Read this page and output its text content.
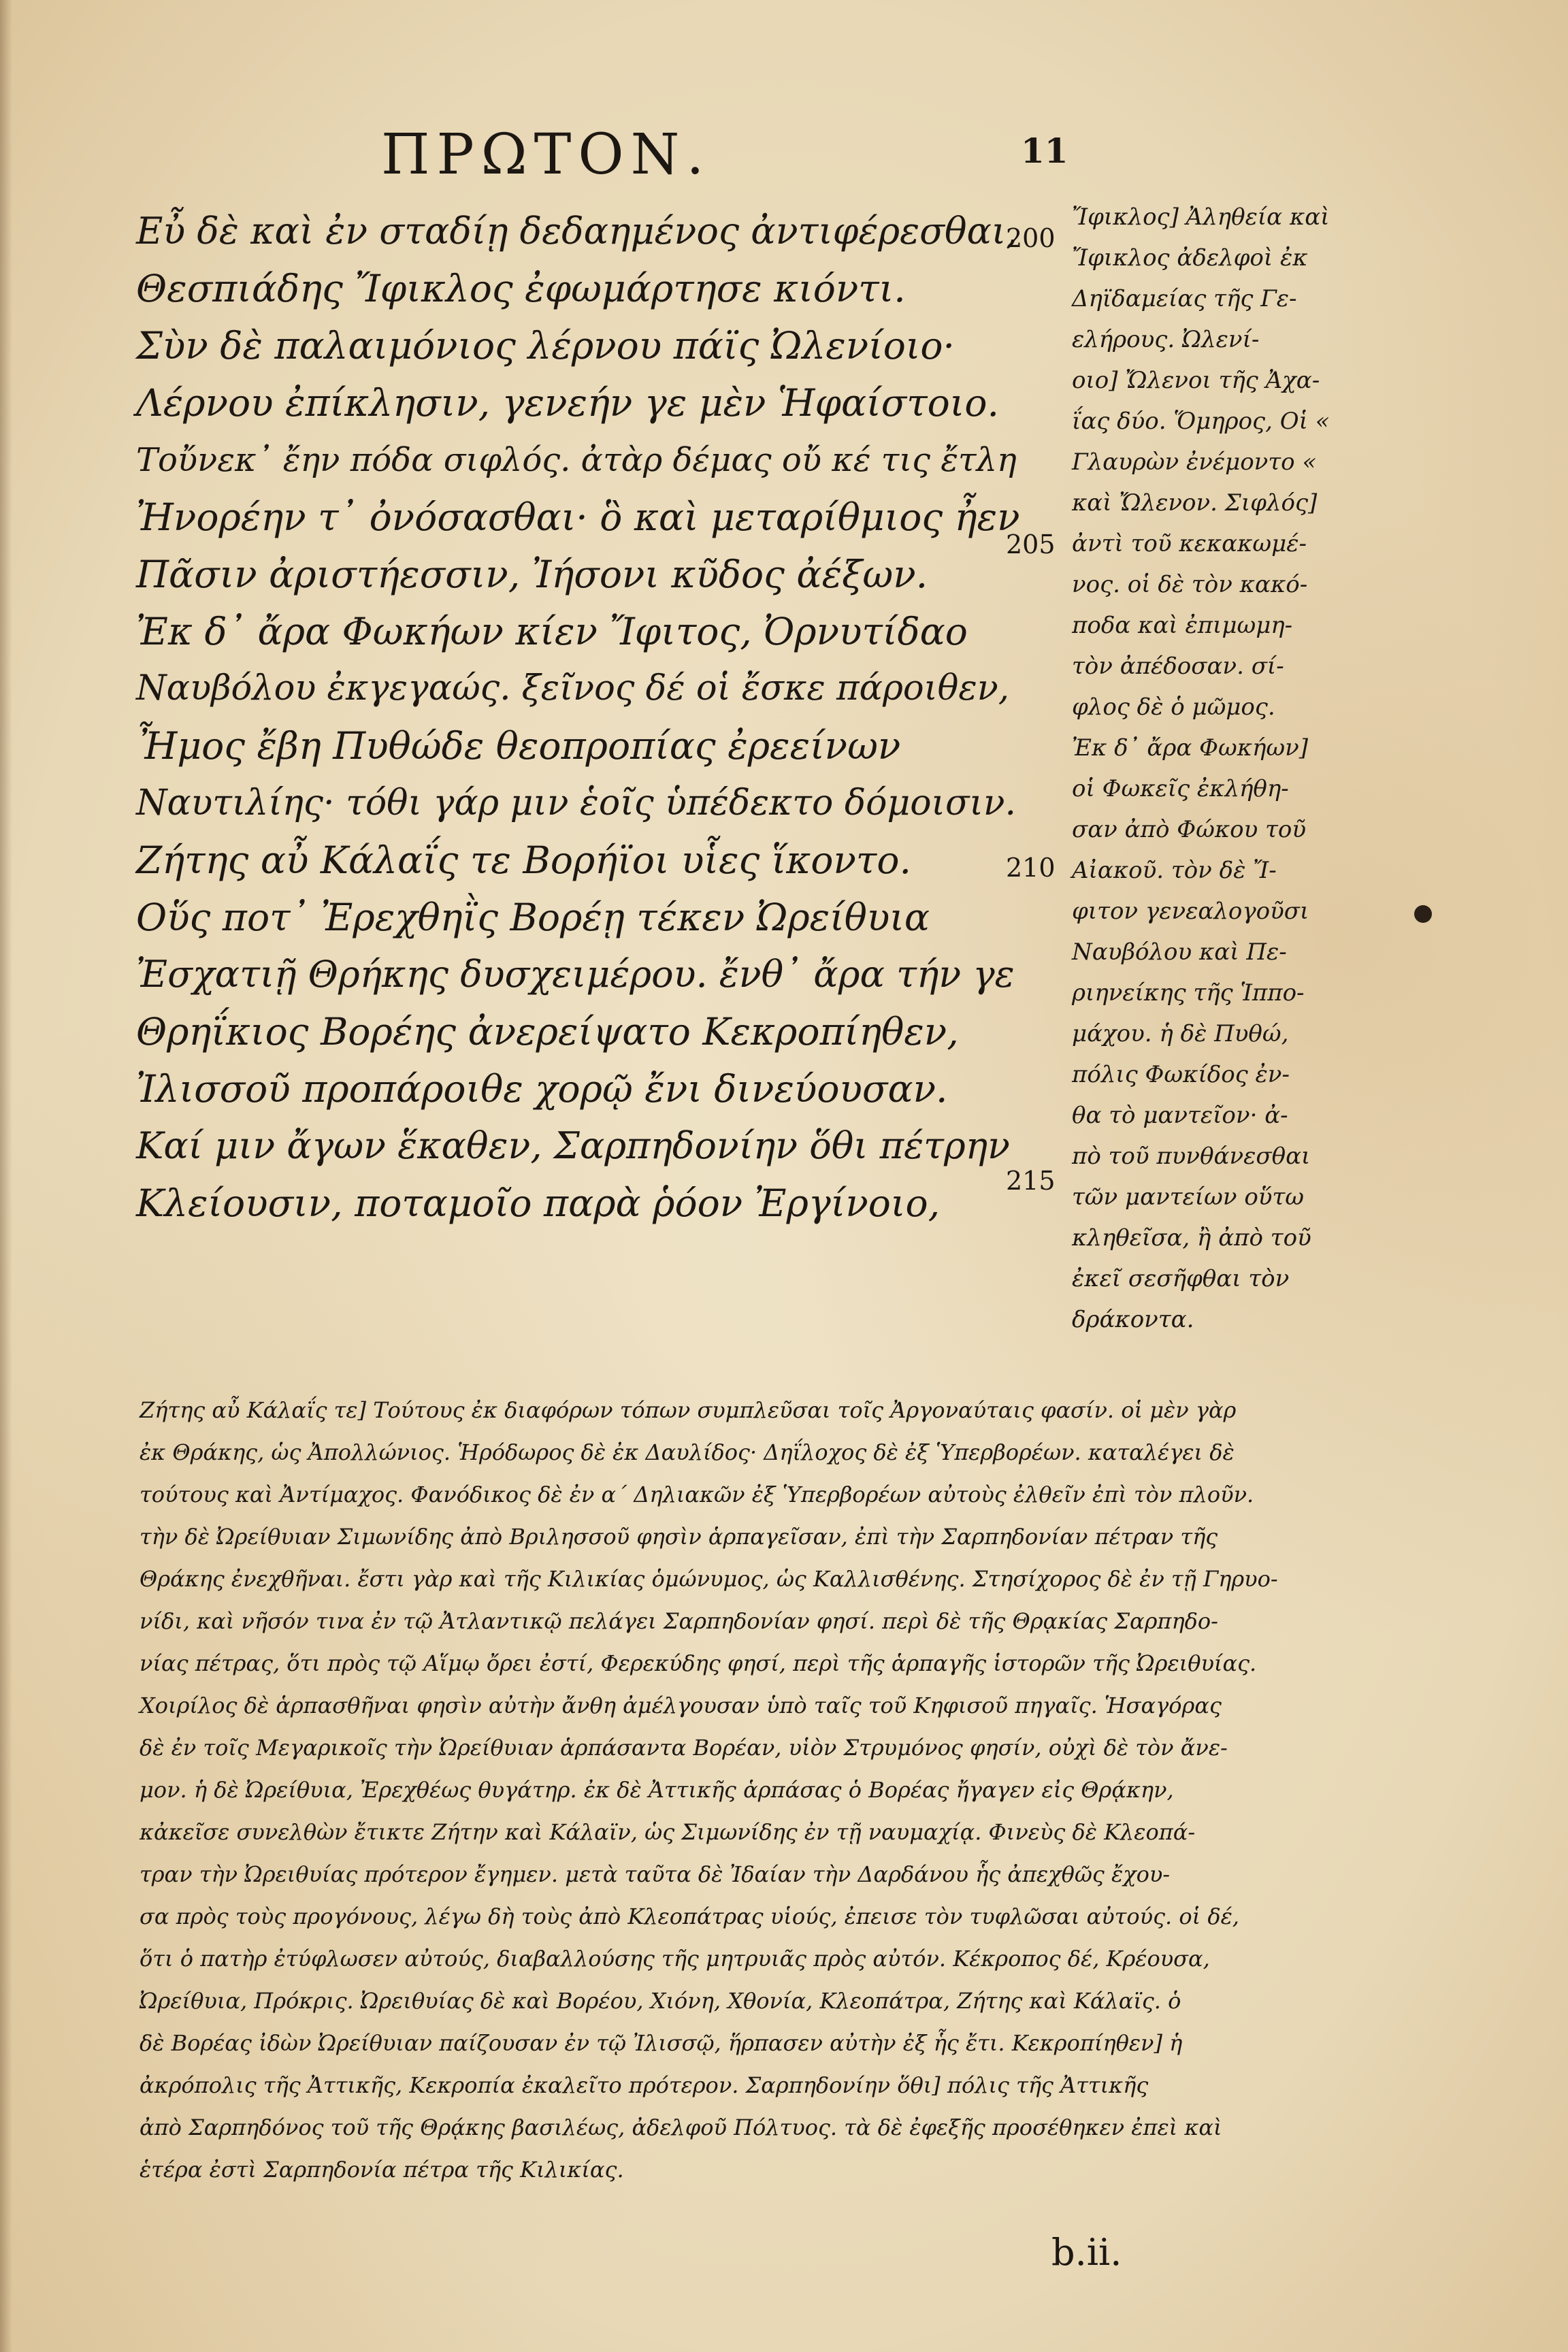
ΠΡΩΤΟΝ.	11
Εὖ δὲ καὶ ἐν σταδίῃ δεδαημένος ἀντιφέρεσθαι,
Θεσπιάδης Ἴφικλος ἐφωμάρτησε κιόντι.
Σὺν δὲ παλαιμόνιος λέρνου πάϊς Ὠλενίοιο·
Λέρνου ἐπίκλησιν, γενεήν γε μὲν Ἡφαίστοιο.
Τοὔνεκ᾽ ἔην πόδα σιφλός. ἀτὰρ δέμας οὔ κέ τις ἔτλη
Ἠνορέην τ᾽ ὀνόσασθαι· ὃ καὶ μεταρίθμιος ἦεν
Πᾶσιν ἀριστήεσσιν, Ἰήσονι κῦδος ἀέξων.
Ἐκ δ᾽ ἄρα Φωκήων κίεν Ἴφιτος, Ὀρνυτίδαο
Ναυβόλου ἐκγεγαώς. ξεῖνος δέ οἱ ἔσκε πάροιθεν,
Ἦμος ἔβη Πυθώδε θεοπροπίας ἐρεείνων
Ναυτιλίης· τόθι γάρ μιν ἑοῖς ὑπέδεκτο δόμοισιν.
Ζήτης αὖ Κάλαΐς τε Βορήϊοι υἷες ἵκοντο.
Οὕς ποτ᾽ Ἐρεχθηῒς Βορέῃ τέκεν Ὠρείθυια
Ἐσχατιῇ Θρήκης δυσχειμέρου. ἔνθ᾽ ἄρα τήν γε
Θρηΐκιος Βορέης ἀνερείψατο Κεκροπίηθεν,
Ἰλισσοῦ προπάροιθε χορῷ ἔνι δινεύουσαν.
Καί μιν ἄγων ἕκαθεν, Σαρπηδονίην ὅθι πέτρην
Κλείουσιν, ποταμοῖο παρὰ ῥόον Ἐργίνοιο,
200
205
210
215
Ἴφικλος] Ἀληθεία καὶ
Ἴφικλος ἀδελφοὶ ἐκ
Δηϊδαμείας τῆς Γε-
ελήρους. Ὠλενί-
οιο] Ὤλενοι τῆς Ἀχα-
ΐας δύο. Ὅμηρος, Οἱ «
Γλαυρὼν ἐνέμοντο «
καὶ Ὤλενον. Σιφλός]
ἀντὶ τοῦ κεκακωμέ-
νος. οἱ δὲ τὸν κακό-
ποδα καὶ ἐπιμωμη-
τὸν ἀπέδοσαν. σί-
φλος δὲ ὁ μῶμος.
Ἐκ δ᾽ ἄρα Φωκήων]
οἱ Φωκεῖς ἐκλήθη-
σαν ἀπὸ Φώκου τοῦ
Αἰακοῦ. τὸν δὲ Ἴ-
φιτον γενεαλογοῦσι
Ναυβόλου καὶ Πε-
ριηνείκης τῆς Ἱππο-
μάχου. ἡ δὲ Πυθώ,
πόλις Φωκίδος ἐν-
θα τὸ μαντεῖον· ἀ-
πὸ τοῦ πυνθάνεσθαι
τῶν μαντείων οὕτω
κληθεῖσα, ἢ ἀπὸ τοῦ
ἐκεῖ σεσῆφθαι τὸν
δράκοντα.
Ζήτης αὖ Κάλαΐς τε] Τούτους ἐκ διαφόρων τόπων συμπλεῦσαι τοῖς Ἀργοναύταις φασίν. οἱ μὲν γὰρ
ἐκ Θράκης, ὡς Ἀπολλώνιος. Ἡρόδωρος δὲ ἐκ Δαυλίδος· Δηΐλοχος δὲ ἐξ Ὑπερβορέων. καταλέγει δὲ
τούτους καὶ Ἀντίμαχος. Φανόδικος δὲ ἐν α΄ Δηλιακῶν ἐξ Ὑπερβορέων αὐτοὺς ἐλθεῖν ἐπὶ τὸν πλοῦν.
τὴν δὲ Ὠρείθυιαν Σιμωνίδης ἀπὸ Βριλησσοῦ φησὶν ἁρπαγεῖσαν, ἐπὶ τὴν Σαρπηδονίαν πέτραν τῆς
Θράκης ἐνεχθῆναι. ἔστι γὰρ καὶ τῆς Κιλικίας ὁμώνυμος, ὡς Καλλισθένης. Στησίχορος δὲ ἐν τῇ Γηρυο-
νίδι, καὶ νῆσόν τινα ἐν τῷ Ἀτλαντικῷ πελάγει Σαρπηδονίαν φησί. περὶ δὲ τῆς Θρᾳκίας Σαρπηδο-
νίας πέτρας, ὅτι πρὸς τῷ Αἵμῳ ὄρει ἐστί, Φερεκύδης φησί, περὶ τῆς ἁρπαγῆς ἱστορῶν τῆς Ὠρειθυίας.
Χοιρίλος δὲ ἁρπασθῆναι φησὶν αὐτὴν ἄνθη ἀμέλγουσαν ὑπὸ ταῖς τοῦ Κηφισοῦ πηγαῖς. Ἡσαγόρας
δὲ ἐν τοῖς Μεγαρικοῖς τὴν Ὠρείθυιαν ἁρπάσαντα Βορέαν, υἱὸν Στρυμόνος φησίν, οὐχὶ δὲ τὸν ἄνε-
μον. ἡ δὲ Ὠρείθυια, Ἐρεχθέως θυγάτηρ. ἐκ δὲ Ἀττικῆς ἁρπάσας ὁ Βορέας ἤγαγεν εἰς Θρᾴκην,
κἀκεῖσε συνελθὼν ἔτικτε Ζήτην καὶ Κάλαϊν, ὡς Σιμωνίδης ἐν τῇ ναυμαχίᾳ. Φινεὺς δὲ Κλεοπά-
τραν τὴν Ὠρειθυίας πρότερον ἔγημεν. μετὰ ταῦτα δὲ Ἰδαίαν τὴν Δαρδάνου ἧς ἀπεχθῶς ἔχου-
σα πρὸς τοὺς προγόνους, λέγω δὴ τοὺς ἀπὸ Κλεοπάτρας υἱούς, ἐπεισε τὸν τυφλῶσαι αὐτούς. οἱ δέ,
ὅτι ὁ πατὴρ ἐτύφλωσεν αὐτούς, διαβαλλούσης τῆς μητρυιᾶς πρὸς αὐτόν. Κέκροπος δέ, Κρέουσα,
Ὠρείθυια, Πρόκρις. Ὠρειθυίας δὲ καὶ Βορέου, Χιόνη, Χθονία, Κλεοπάτρα, Ζήτης καὶ Κάλαϊς. ὁ
δὲ Βορέας ἰδὼν Ὠρείθυιαν παίζουσαν ἐν τῷ Ἰλισσῷ, ἥρπασεν αὐτὴν ἐξ ἧς ἔτι. Κεκροπίηθεν] ἡ
ἀκρόπολις τῆς Ἀττικῆς, Κεκροπία ἐκαλεῖτο πρότερον. Σαρπηδονίην ὅθι] πόλις τῆς Ἀττικῆς
ἀπὸ Σαρπηδόνος τοῦ τῆς Θρᾴκης βασιλέως, ἀδελφοῦ Πόλτυος. τὰ δὲ ἐφεξῆς προσέθηκεν ἐπεὶ καὶ
ἑτέρα ἐστὶ Σαρπηδονία πέτρα τῆς Κιλικίας.
b.ii.
